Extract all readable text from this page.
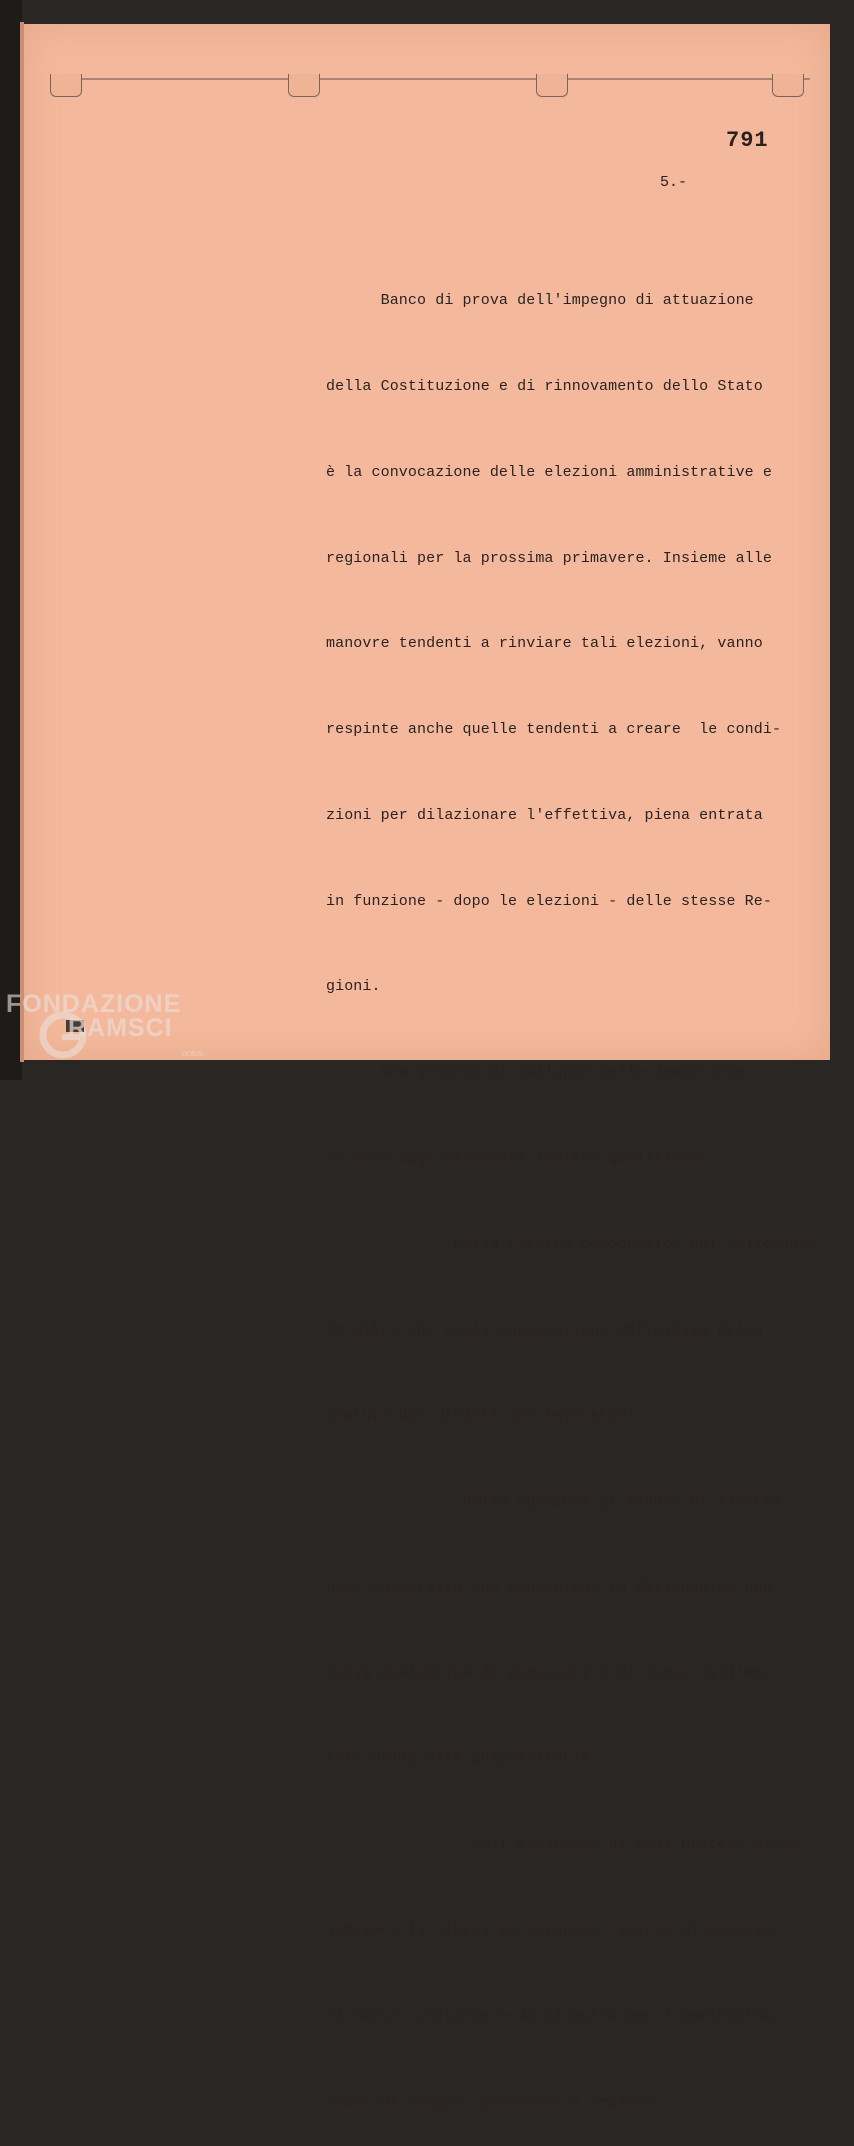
791
5.-

Banco di prova dell'impegno di attuazione

della Costituzione e di rinnovamento dello Stato

è la convocazione delle elezioni amministrative e

regionali per la prossima primavere. Insieme alle

manovre tendenti a rinviare tali elezioni, vanno

respinte anche quelle tendenti a creare  le condi-

zioni per dilazionare l'effettiva, piena entrata

in funzione - dopo le elezioni - delle stesse Re-

gioni.

Una volontà di sviluppo della democrazia

si deve oggi dixxxxxxx inoltre qualificare :

- nella riforma democratica del collocamen

to oltre che nella approvazione definitiva dello

Statuto dei diritti dei lavoratori;

- nella adozione di misure di riforma

dell'Università che consentano lo sviluppo di una

nuova dialettica di posizioni e di forze nell'am

bito della vita universitaria;

- nell'abbandono di ogni pretesa di xx

limitare la libera ed autonoma ricerca di soluzio

ni nuove, unitarie e di sinistra per l'amministra

zione di comuni, provincie e regioni.

FONDAZIONE
RAMSCI
onlus
